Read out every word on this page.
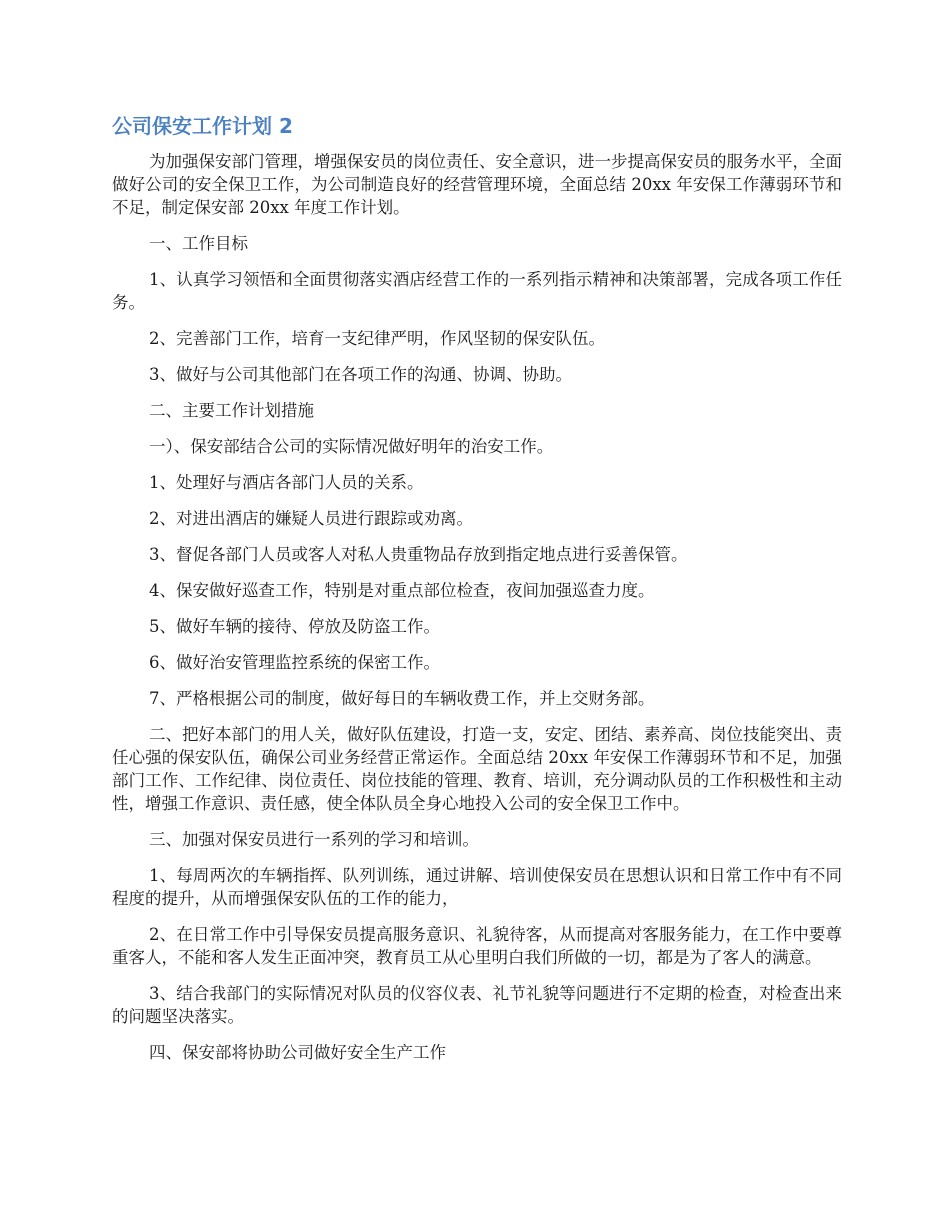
公司保安工作计划 2

为加强保安部门管理，增强保安员的岗位责任、安全意识，进一步提高保安员的服务水平，全面做好公司的安全保卫工作，为公司制造良好的经营管理环境，全面总结 20xx 年安保工作薄弱环节和不足，制定保安部 20xx 年度工作计划。

一、工作目标

1、认真学习领悟和全面贯彻落实酒店经营工作的一系列指示精神和决策部署，完成各项工作任务。

2、完善部门工作，培育一支纪律严明，作风坚韧的保安队伍。

3、做好与公司其他部门在各项工作的沟通、协调、协助。

二、主要工作计划措施

一）、保安部结合公司的实际情况做好明年的治安工作。

1、处理好与酒店各部门人员的关系。

2、对进出酒店的嫌疑人员进行跟踪或劝离。

3、督促各部门人员或客人对私人贵重物品存放到指定地点进行妥善保管。

4、保安做好巡查工作，特别是对重点部位检查，夜间加强巡查力度。

5、做好车辆的接待、停放及防盗工作。

6、做好治安管理监控系统的保密工作。

7、严格根据公司的制度，做好每日的车辆收费工作，并上交财务部。

二、把好本部门的用人关，做好队伍建设，打造一支，安定、团结、素养高、岗位技能突出、责任心强的保安队伍，确保公司业务经营正常运作。全面总结 20xx 年安保工作薄弱环节和不足，加强部门工作、工作纪律、岗位责任、岗位技能的管理、教育、培训，充分调动队员的工作积极性和主动性，增强工作意识、责任感，使全体队员全身心地投入公司的安全保卫工作中。

三、加强对保安员进行一系列的学习和培训。

1、每周两次的车辆指挥、队列训练，通过讲解、培训使保安员在思想认识和日常工作中有不同程度的提升，从而增强保安队伍的工作的能力，

2、在日常工作中引导保安员提高服务意识、礼貌待客，从而提高对客服务能力，在工作中要尊重客人，不能和客人发生正面冲突，教育员工从心里明白我们所做的一切，都是为了客人的满意。

3、结合我部门的实际情况对队员的仪容仪表、礼节礼貌等问题进行不定期的检查，对检查出来的问题坚决落实。

四、保安部将协助公司做好安全生产工作
